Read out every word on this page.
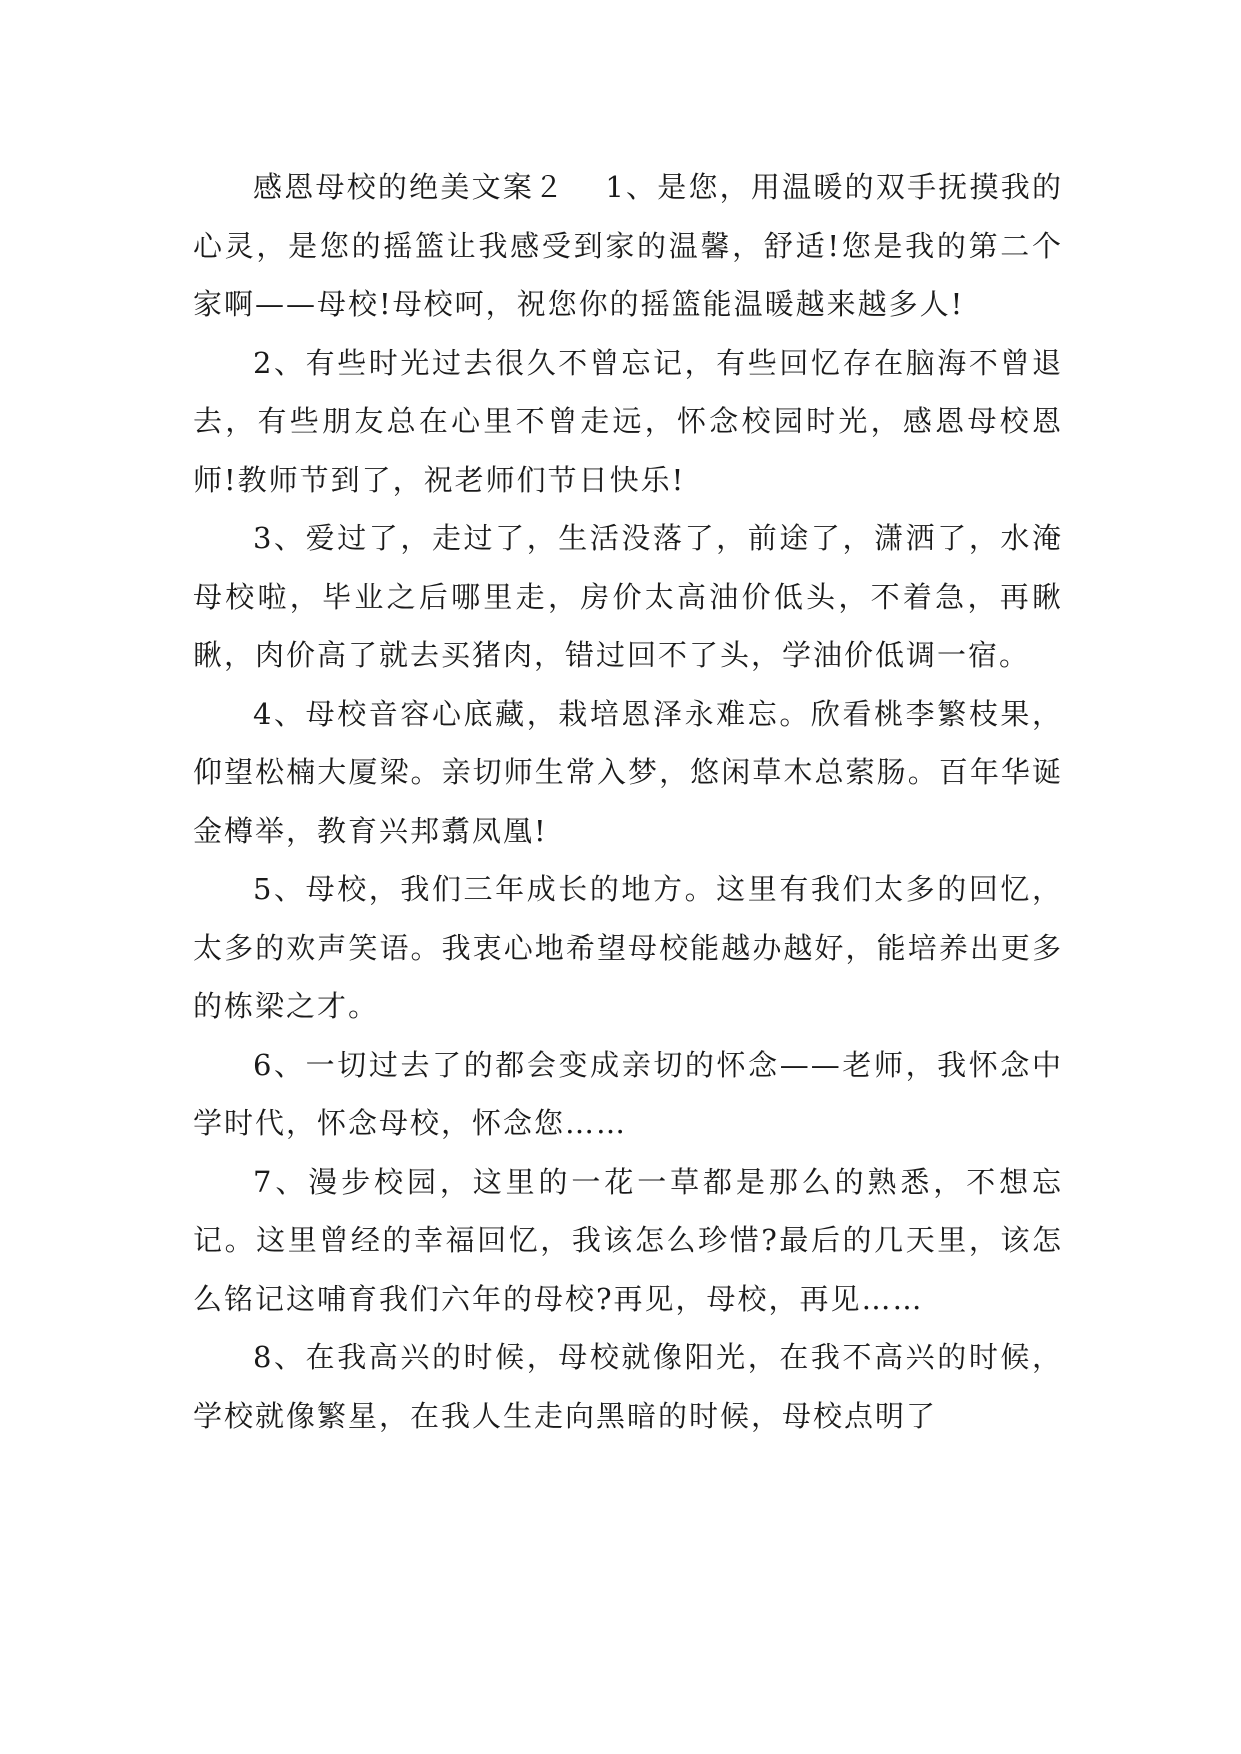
感恩母校的绝美文案２ 1、是您，用温暖的双手抚摸我的心灵，是您的摇篮让我感受到家的温馨，舒适!您是我的第二个家啊——母校!母校呵，祝您你的摇篮能温暖越来越多人!

2、有些时光过去很久不曾忘记，有些回忆存在脑海不曾退去，有些朋友总在心里不曾走远，怀念校园时光，感恩母校恩师!教师节到了，祝老师们节日快乐!

3、爱过了，走过了，生活没落了，前途了，潇洒了，水淹母校啦，毕业之后哪里走，房价太高油价低头，不着急，再瞅瞅，肉价高了就去买猪肉，错过回不了头，学油价低调一宿。

4、母校音容心底藏，栽培恩泽永难忘。欣看桃李繁枝果，仰望松楠大厦梁。亲切师生常入梦，悠闲草木总萦肠。百年华诞金樽举，教育兴邦翥凤凰!

5、母校，我们三年成长的地方。这里有我们太多的回忆，太多的欢声笑语。我衷心地希望母校能越办越好，能培养出更多的栋梁之才。

6、一切过去了的都会变成亲切的怀念——老师，我怀念中学时代，怀念母校，怀念您……

7、漫步校园，这里的一花一草都是那么的熟悉，不想忘记。这里曾经的幸福回忆，我该怎么珍惜?最后的几天里，该怎么铭记这哺育我们六年的母校?再见，母校，再见……

8、在我高兴的时候，母校就像阳光，在我不高兴的时候，学校就像繁星，在我人生走向黑暗的时候，母校点明了
